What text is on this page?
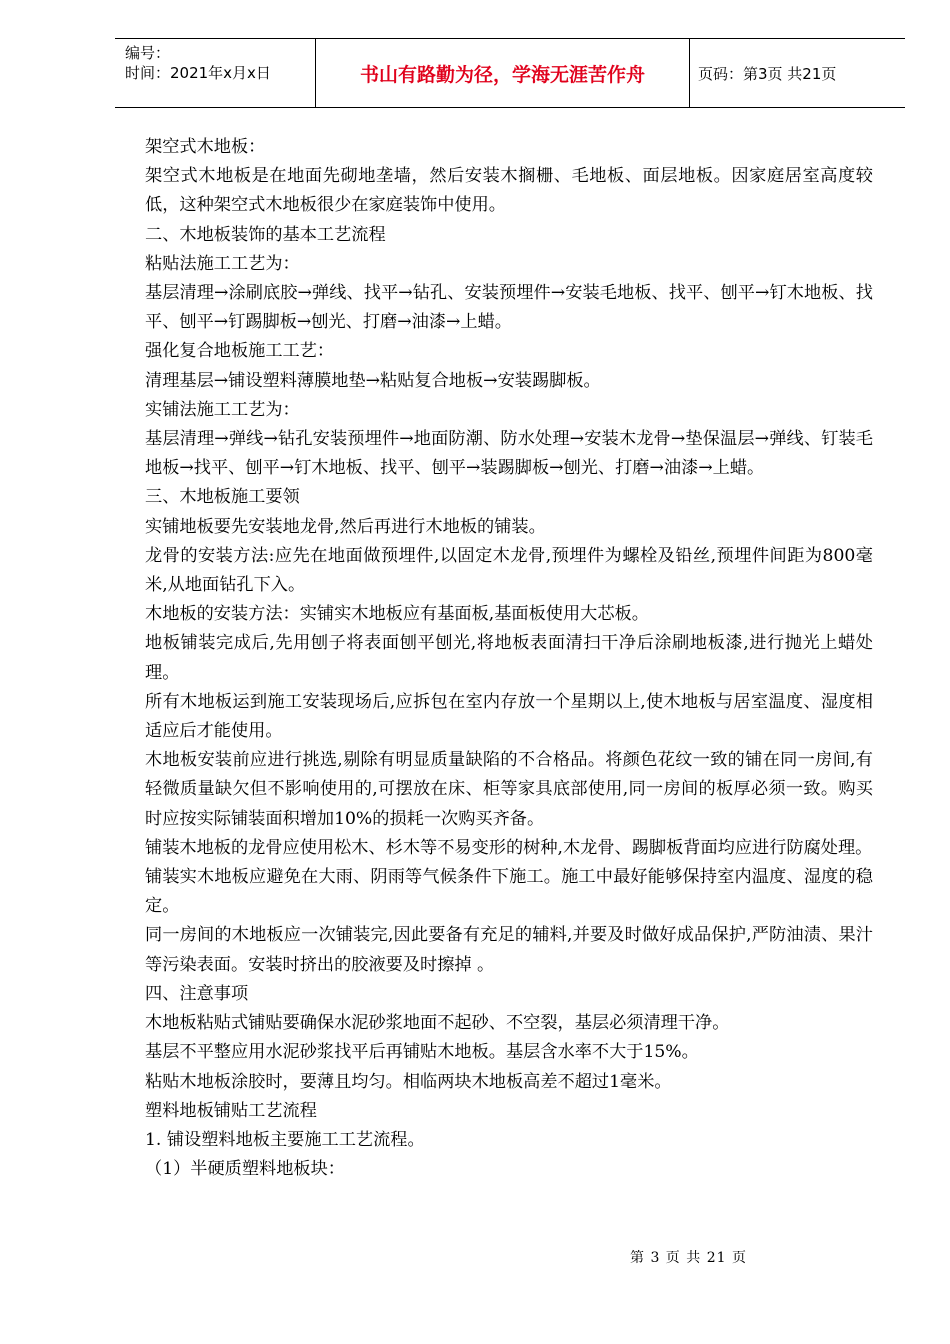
编号：
时间：2021年x月x日	书山有路勤为径，学海无涯苦作舟	页码：第3页 共21页

架空式木地板：

架空式木地板是在地面先砌地垄墙，然后安装木搁栅、毛地板、面层地板。因家庭居室高度较低，这种架空式木地板很少在家庭装饰中使用。

二、木地板装饰的基本工艺流程

粘贴法施工工艺为：

基层清理→涂刷底胶→弹线、找平→钻孔、安装预埋件→安装毛地板、找平、刨平→钉木地板、找平、刨平→钉踢脚板→刨光、打磨→油漆→上蜡。

强化复合地板施工工艺：

清理基层→铺设塑料薄膜地垫→粘贴复合地板→安装踢脚板。

实铺法施工工艺为：

基层清理→弹线→钻孔安装预埋件→地面防潮、防水处理→安装木龙骨→垫保温层→弹线、钉装毛地板→找平、刨平→钉木地板、找平、刨平→装踢脚板→刨光、打磨→油漆→上蜡。

三、木地板施工要领

实铺地板要先安装地龙骨,然后再进行木地板的铺装。

龙骨的安装方法:应先在地面做预埋件,以固定木龙骨,预埋件为螺栓及铅丝,预埋件间距为800毫米,从地面钻孔下入。

木地板的安装方法：实铺实木地板应有基面板,基面板使用大芯板。

地板铺装完成后,先用刨子将表面刨平刨光,将地板表面清扫干净后涂刷地板漆,进行抛光上蜡处理。

所有木地板运到施工安装现场后,应拆包在室内存放一个星期以上,使木地板与居室温度、湿度相适应后才能使用。

木地板安装前应进行挑选,剔除有明显质量缺陷的不合格品。将颜色花纹一致的铺在同一房间,有轻微质量缺欠但不影响使用的,可摆放在床、柜等家具底部使用,同一房间的板厚必须一致。购买时应按实际铺装面积增加10%的损耗一次购买齐备。

铺装木地板的龙骨应使用松木、杉木等不易变形的树种,木龙骨、踢脚板背面均应进行防腐处理。

铺装实木地板应避免在大雨、阴雨等气候条件下施工。施工中最好能够保持室内温度、湿度的稳定。

同一房间的木地板应一次铺装完,因此要备有充足的辅料,并要及时做好成品保护,严防油渍、果汁等污染表面。安装时挤出的胶液要及时擦掉 。

四、注意事项

木地板粘贴式铺贴要确保水泥砂浆地面不起砂、不空裂，基层必须清理干净。

基层不平整应用水泥砂浆找平后再铺贴木地板。基层含水率不大于15%。

粘贴木地板涂胶时，要薄且均匀。相临两块木地板高差不超过1毫米。

塑料地板铺贴工艺流程

1. 铺设塑料地板主要施工工艺流程。

（1）半硬质塑料地板块：

第 3 页 共 21 页
